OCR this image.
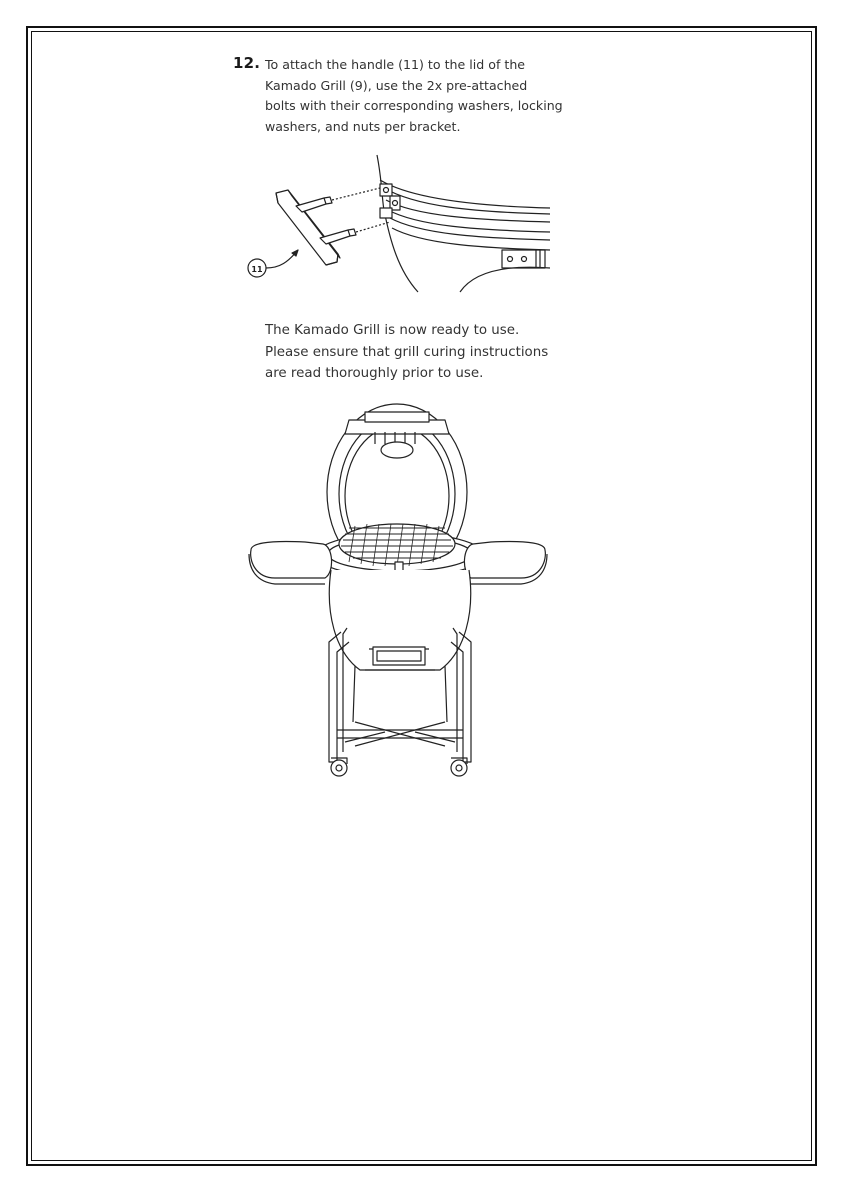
12. To attach the handle (11) to the lid of the
Kamado Grill (9), use the 2x pre-attached
bolts with their corresponding washers, locking
washers, and nuts per bracket.
11
The Kamado Grill is now ready to use.
Please ensure that grill curing instructions
are read thoroughly prior to use.
